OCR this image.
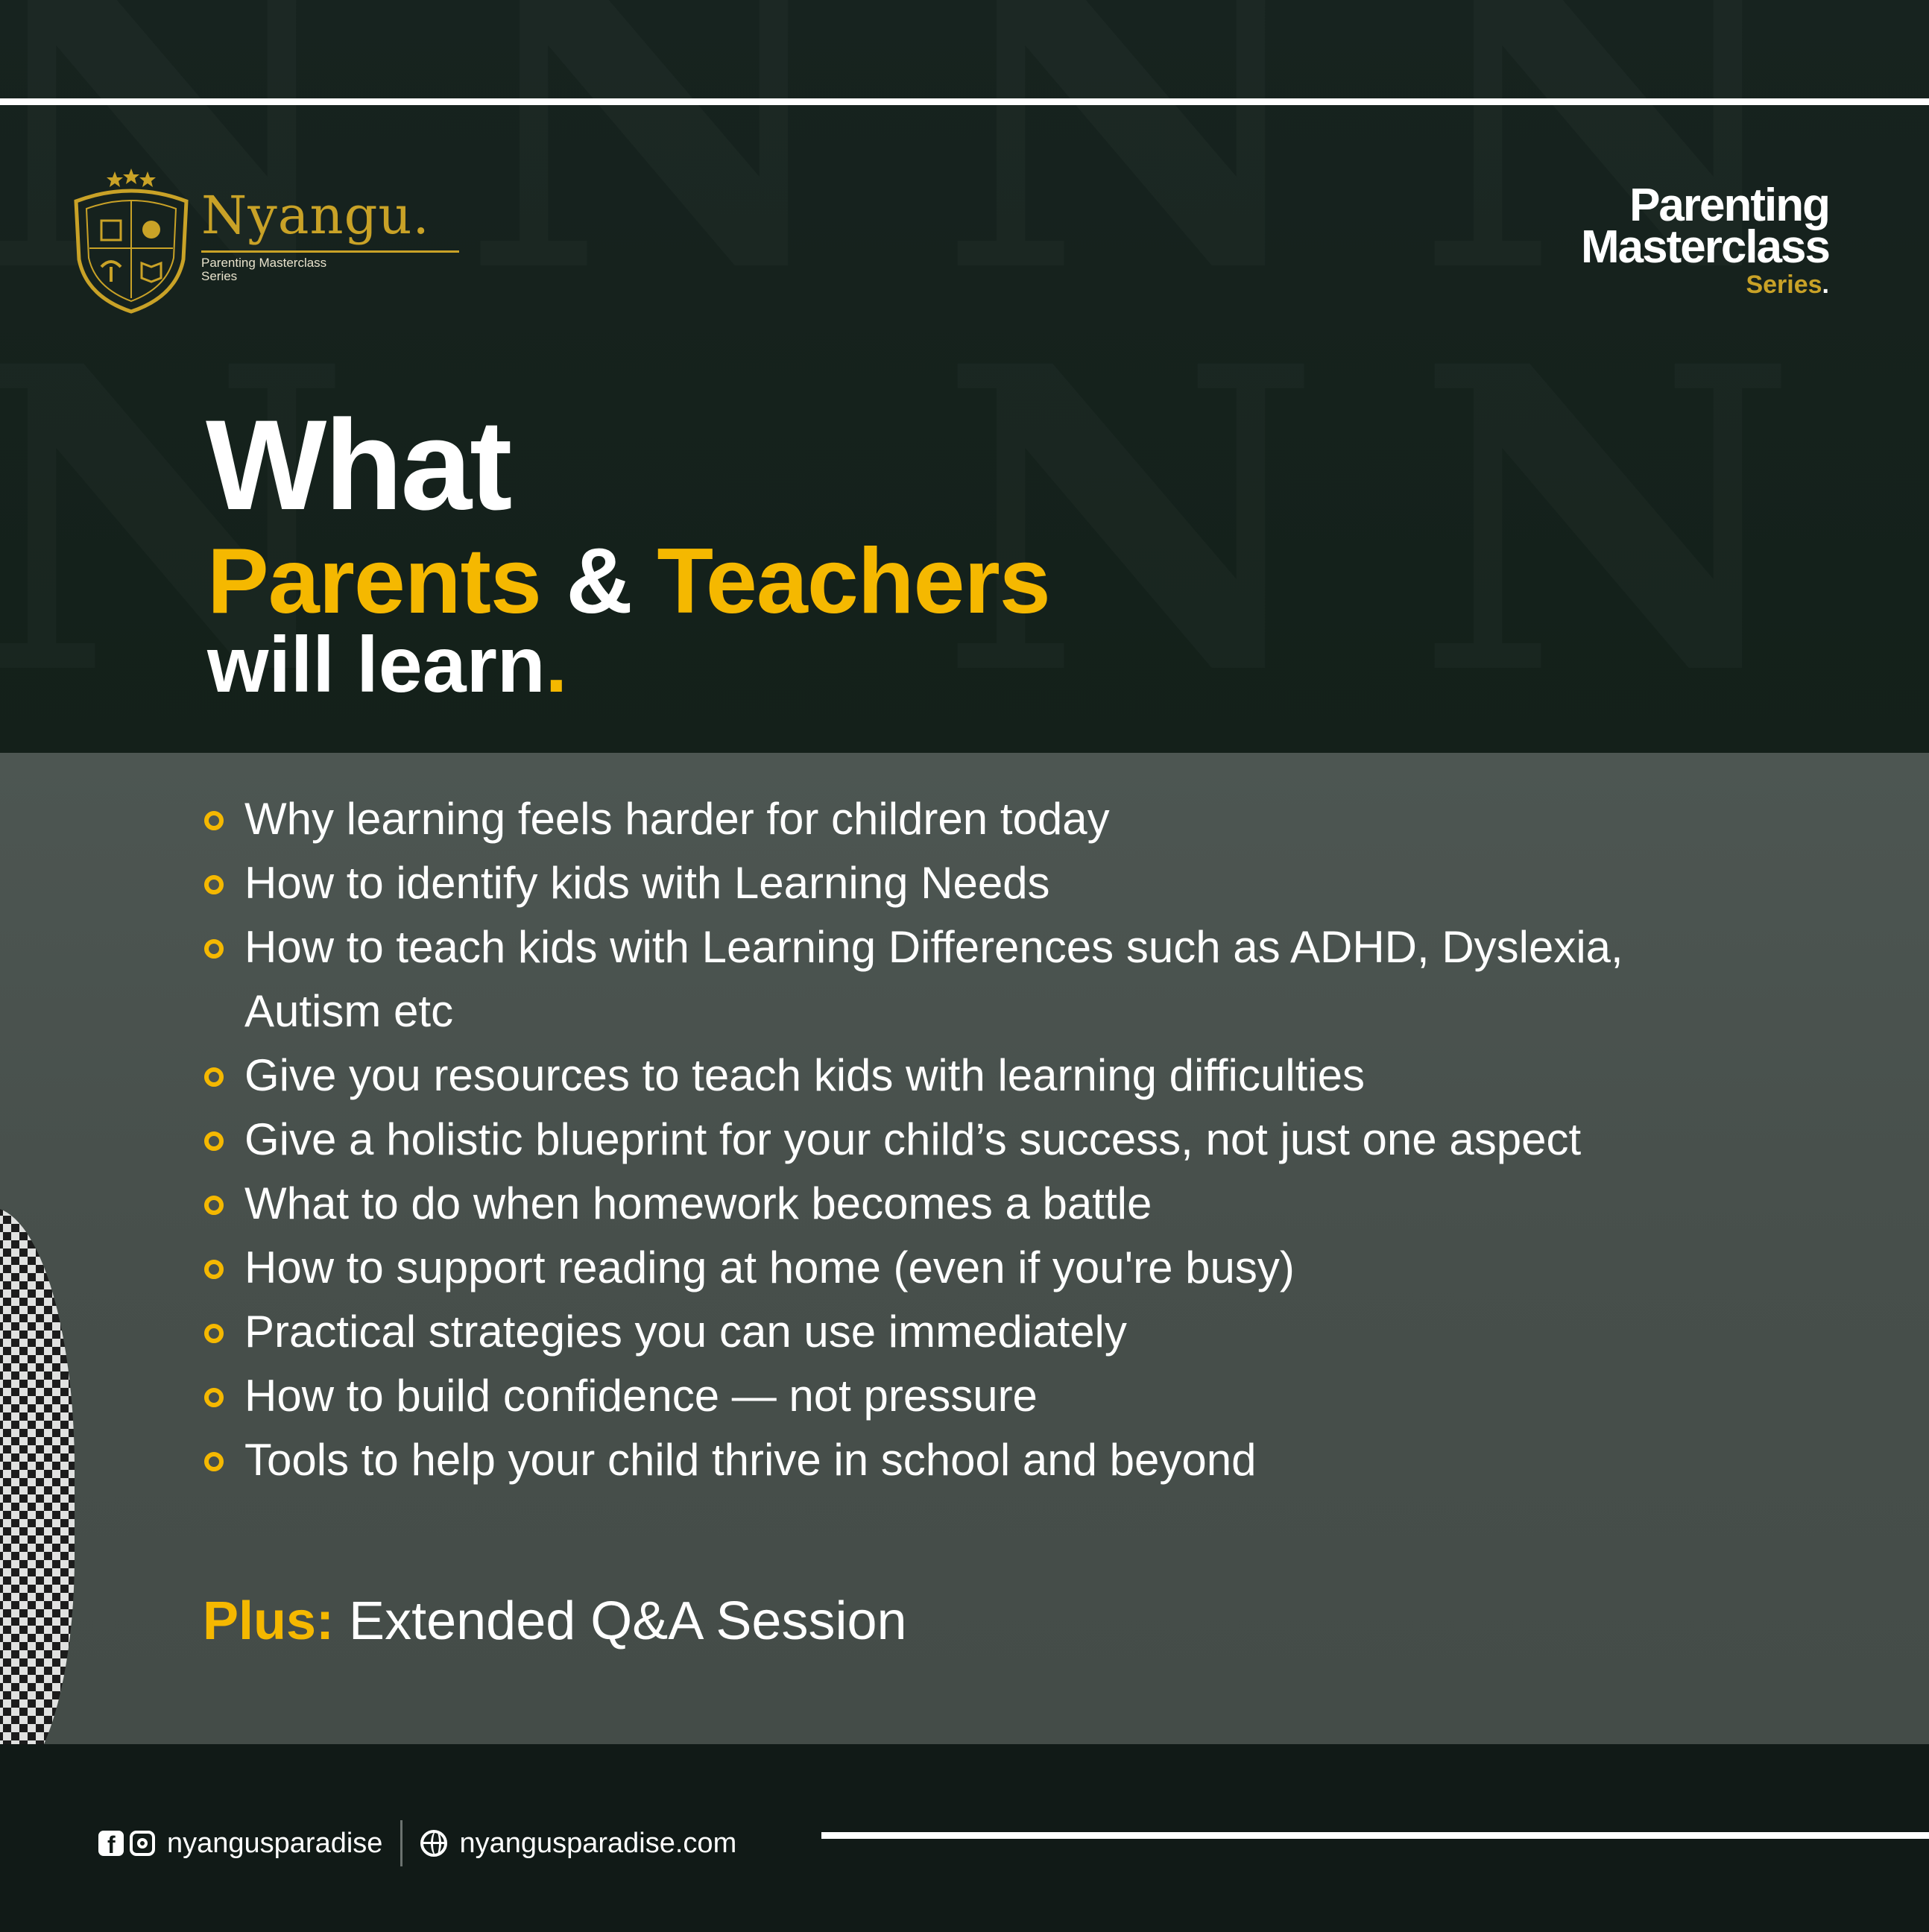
Nyangu.
Parenting Masterclass Series
Parenting
Masterclass
Series.
What
Parents & Teachers
will learn.
Why learning feels harder for children today
How to identify kids with Learning Needs
How to teach kids with Learning Differences such as ADHD, Dyslexia, Autism etc
Give you resources to teach kids with learning difficulties
Give a holistic blueprint for your child’s success, not just one aspect
What to do when homework becomes a battle
How to support reading at home (even if you're busy)
Practical strategies you can use immediately
How to build confidence — not pressure
Tools to help your child thrive in school and beyond
Plus: Extended Q&A Session
f nyangusparadise	nyangusparadise.com
